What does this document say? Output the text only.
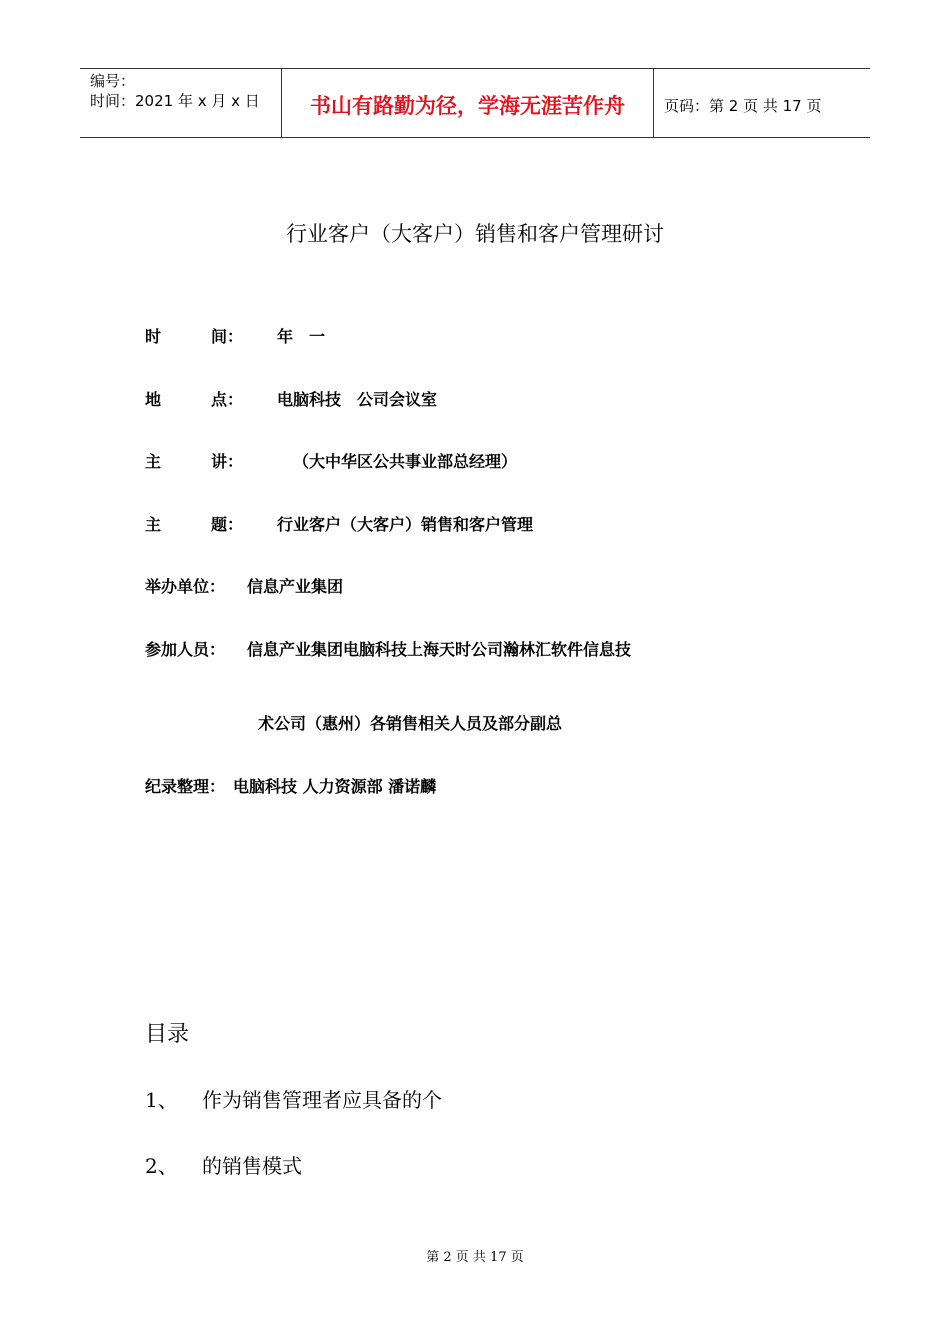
编号：
时间：2021 年 x 月 x 日	书山有路勤为径，学海无涯苦作舟	页码：第 2 页 共 17 页
行业客户（大客户）销售和客户管理研讨
时	间： 年　一
地	点： 电脑科技　公司会议室
主	讲：	（大中华区公共事业部总经理）
主	题： 行业客户（大客户）销售和客户管理
举办单位： 信息产业集团
参加人员： 信息产业集团电脑科技上海天时公司瀚林汇软件信息技
术公司（惠州）各销售相关人员及部分副总
纪录整理： 电脑科技 人力资源部 潘诺麟
目录
1、 作为销售管理者应具备的个
2、 的销售模式
第 2 页 共 17 页
